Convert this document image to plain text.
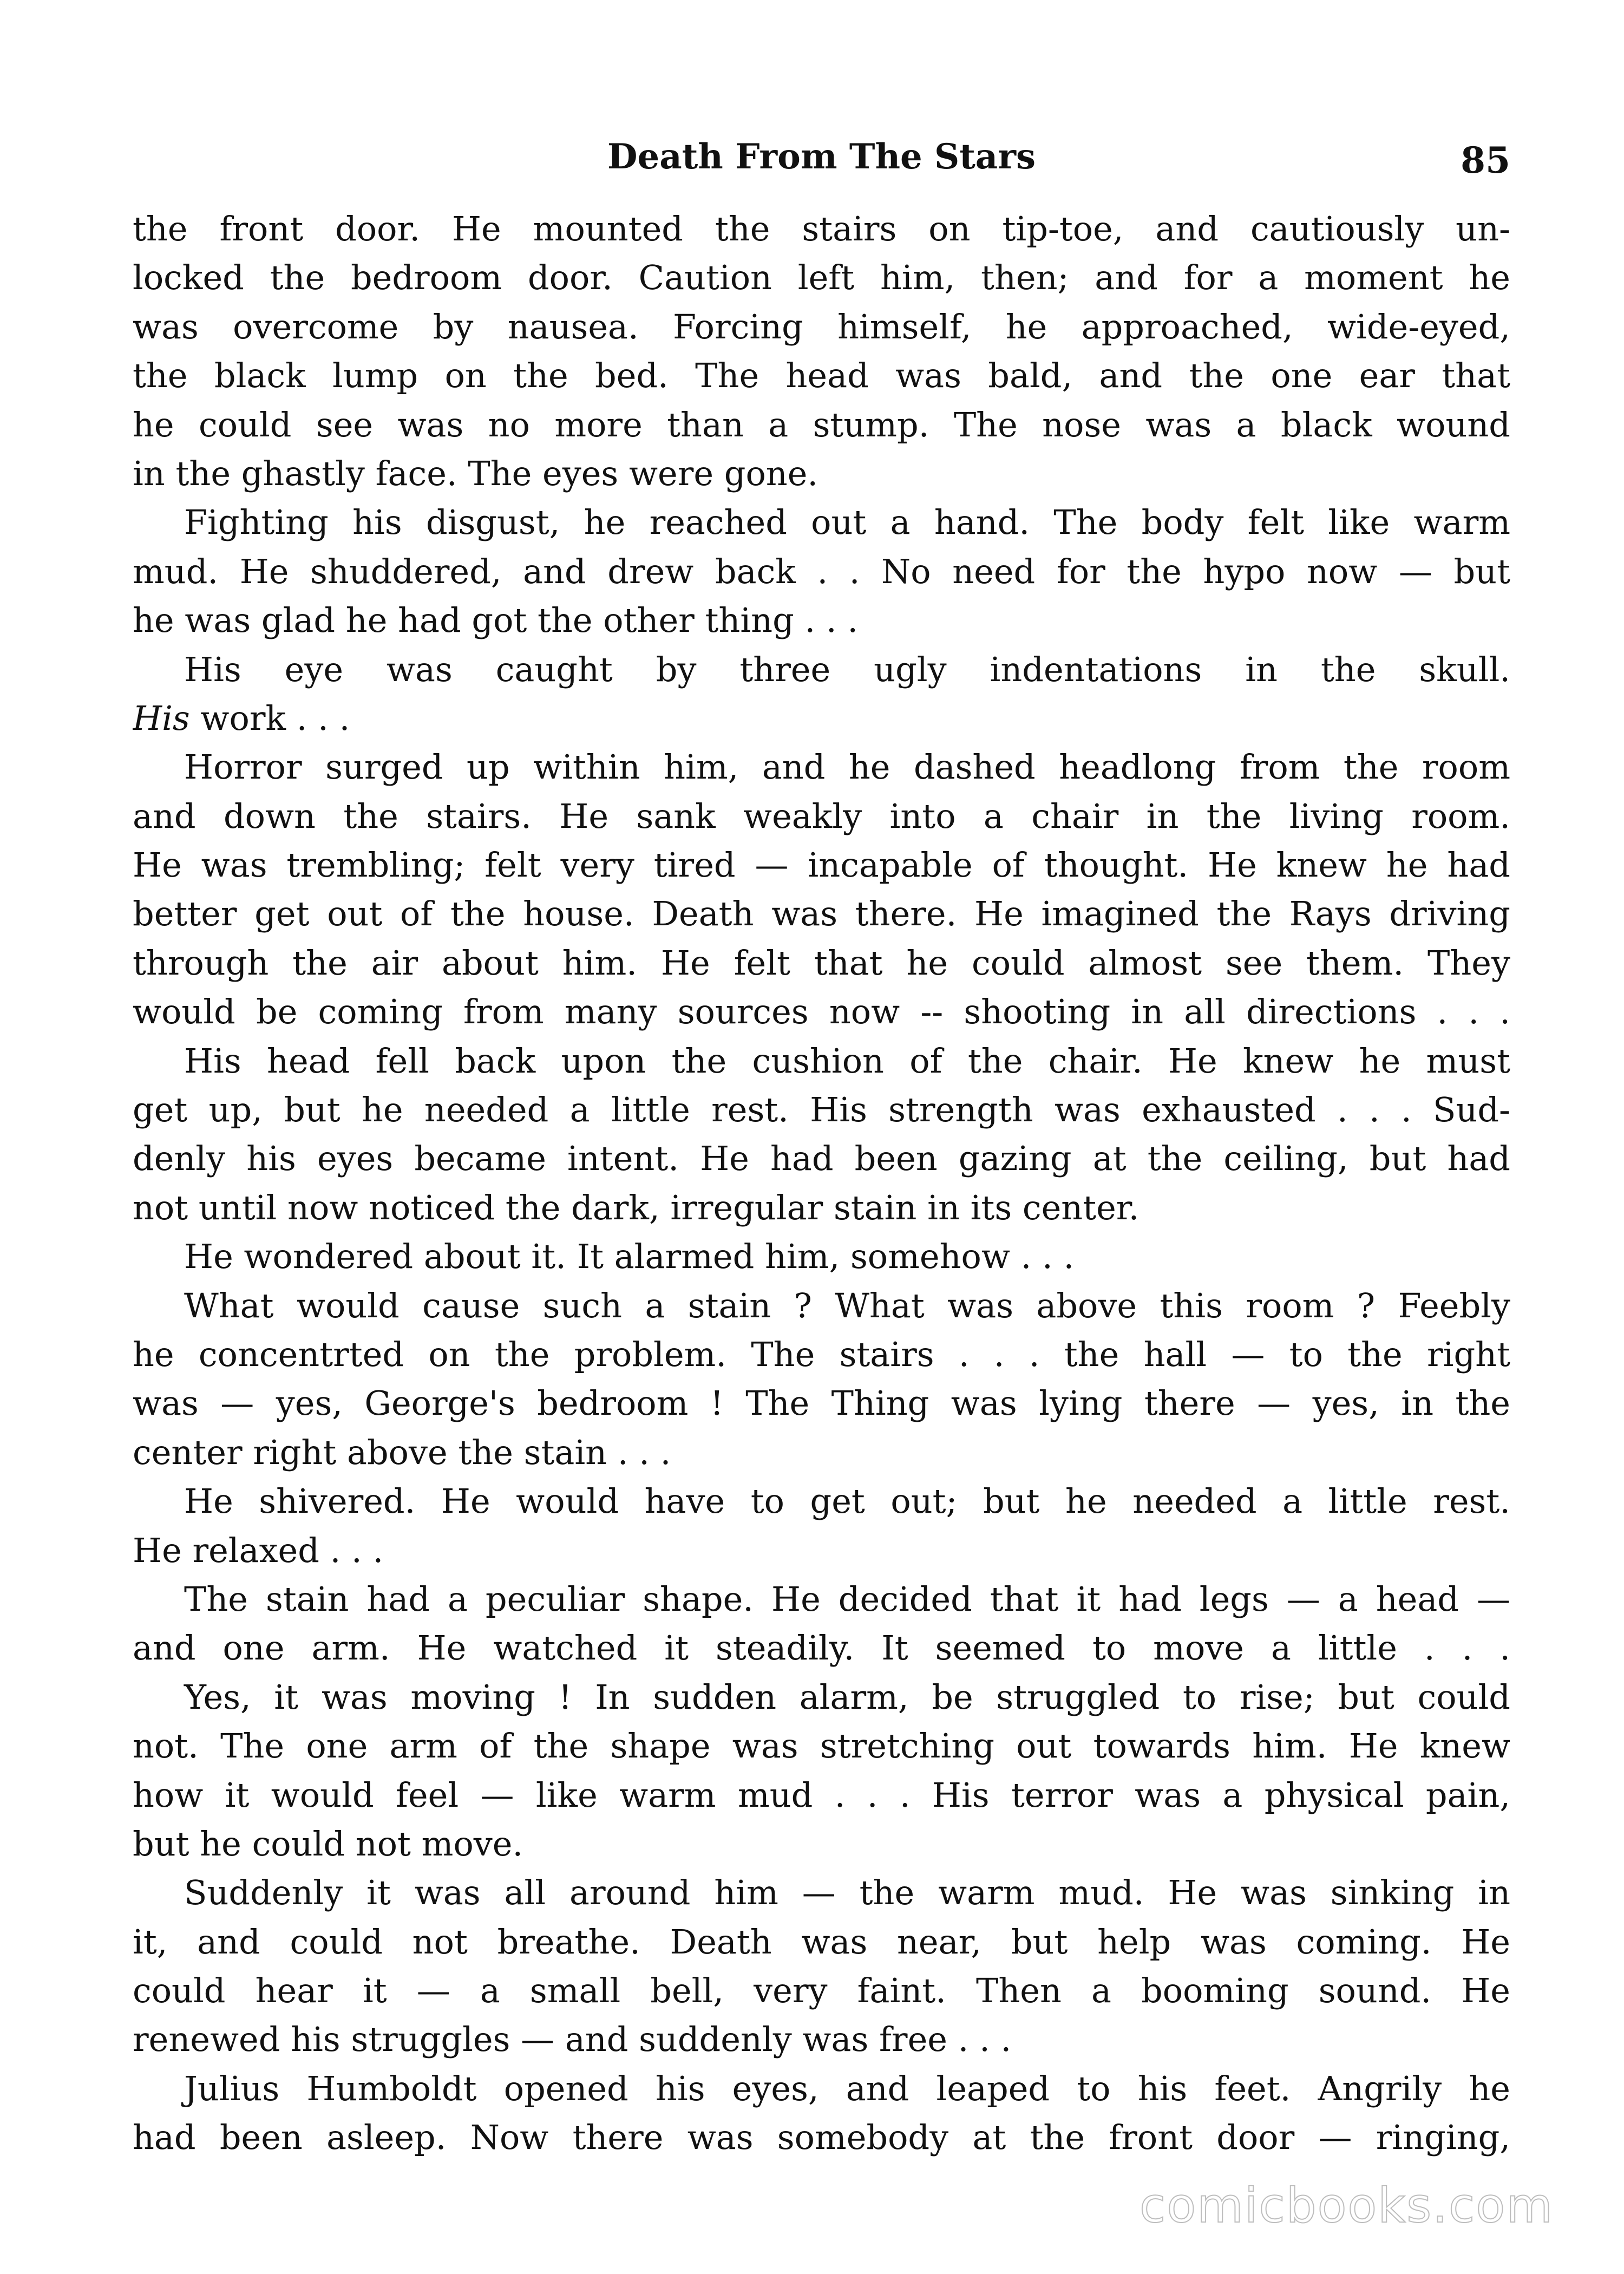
Death From The Stars	85
the front door. He mounted the stairs on tip-toe, and cautiously un-
locked the bedroom door. Caution left him, then; and for a moment he
was overcome by nausea. Forcing himself, he approached, wide-eyed,
the black lump on the bed. The head was bald, and the one ear that
he could see was no more than a stump. The nose was a black wound
in the ghastly face. The eyes were gone.
Fighting his disgust, he reached out a hand. The body felt like warm
mud. He shuddered, and drew back . . No need for the hypo now — but
he was glad he had got the other thing . . .
His eye was caught by three ugly indentations in the skull.
His work . . .
Horror surged up within him, and he dashed headlong from the room
and down the stairs. He sank weakly into a chair in the living room.
He was trembling; felt very tired — incapable of thought. He knew he had
better get out of the house. Death was there. He imagined the Rays driving
through the air about him. He felt that he could almost see them. They
would be coming from many sources now -- shooting in all directions . . .
His head fell back upon the cushion of the chair. He knew he must
get up, but he needed a little rest. His strength was exhausted . . . Sud-
denly his eyes became intent. He had been gazing at the ceiling, but had
not until now noticed the dark, irregular stain in its center.
He wondered about it. It alarmed him, somehow . . .
What would cause such a stain ? What was above this room ? Feebly
he concentrted on the problem. The stairs . . . the hall — to the right
was — yes, George's bedroom ! The Thing was lying there — yes, in the
center right above the stain . . .
He shivered. He would have to get out; but he needed a little rest.
He relaxed . . .
The stain had a peculiar shape. He decided that it had legs — a head —
and one arm. He watched it steadily. It seemed to move a little . . .
Yes, it was moving ! In sudden alarm, be struggled to rise; but could
not. The one arm of the shape was stretching out towards him. He knew
how it would feel — like warm mud . . . His terror was a physical pain,
but he could not move.
Suddenly it was all around him — the warm mud. He was sinking in
it, and could not breathe. Death was near, but help was coming. He
could hear it — a small bell, very faint. Then a booming sound. He
renewed his struggles — and suddenly was free . . .
Julius Humboldt opened his eyes, and leaped to his feet. Angrily he
had been asleep. Now there was somebody at the front door — ringing,
comicbooks.com
